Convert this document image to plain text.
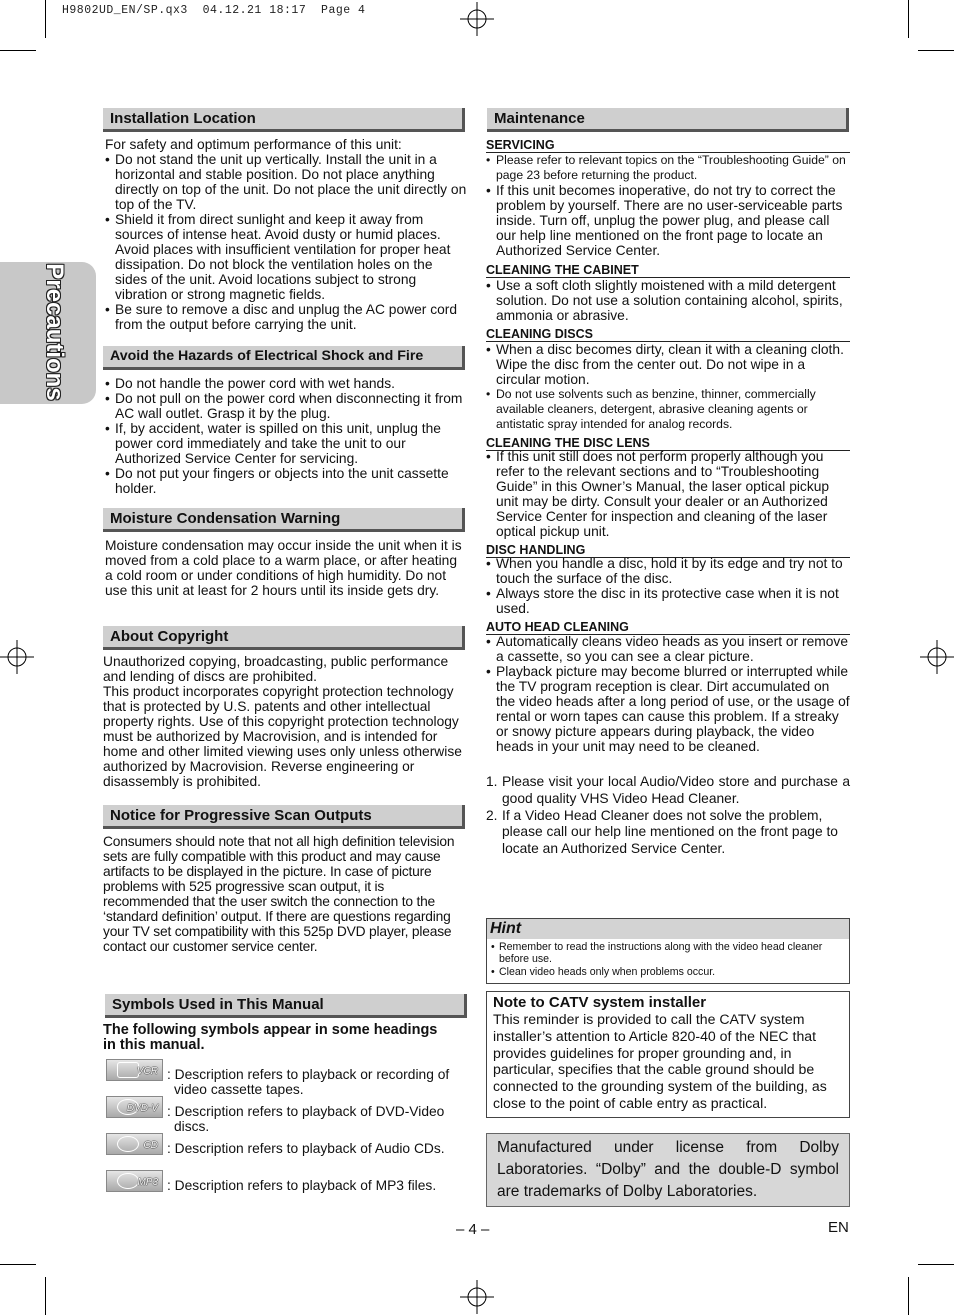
H9802UD_EN/SP.qx3  04.12.21 18:17  Page 4
Precautions
Installation Location

For safety and optimum performance of this unit:

• Do not stand the unit up vertically. Install the unit in a horizontal and stable position. Do not place anything directly on top of the unit. Do not place the unit directly on top of the TV.
• Shield it from direct sunlight and keep it away from sources of intense heat. Avoid dusty or humid places. Avoid places with insufficient ventilation for proper heat dissipation. Do not block the ventilation holes on the sides of the unit. Avoid locations subject to strong vibration or strong magnetic fields.
• Be sure to remove a disc and unplug the AC power cord from the output before carrying the unit.
Avoid the Hazards of Electrical Shock and Fire
• Do not handle the power cord with wet hands.
• Do not pull on the power cord when disconnecting it from AC wall outlet. Grasp it by the plug.
• If, by accident, water is spilled on this unit, unplug the power cord immediately and take the unit to our Authorized Service Center for servicing.
• Do not put your fingers or objects into the unit cassette holder.
Moisture Condensation Warning
Moisture condensation may occur inside the unit when it is moved from a cold place to a warm place, or after heating a cold room or under conditions of high humidity. Do not use this unit at least for 2 hours until its inside gets dry.
About Copyright

Unauthorized copying, broadcasting, public performance and lending of discs are prohibited.

This product incorporates copyright protection technology that is protected by U.S. patents and other intellectual property rights. Use of this copyright protection technology must be authorized by Macrovision, and is intended for home and other limited viewing uses only unless otherwise authorized by Macrovision. Reverse engineering or disassembly is prohibited.

Notice for Progressive Scan Outputs
Consumers should note that not all high definition television sets are fully compatible with this product and may cause artifacts to be displayed in the picture. In case of picture problems with 525 progressive scan output, it is recommended that the user switch the connection to the ‘standard definition’ output. If there are questions regarding your TV set compatibility with this 525p DVD player, please contact our customer service center.
Symbols Used in This Manual
The following symbols appear in some headings in this manual.
VCR : Description refers to playback or recording of video cassette tapes.
DVD-V : Description refers to playback of DVD-Video discs.
CD : Description refers to playback of Audio CDs.
MP3 : Description refers to playback of MP3 files.
Maintenance
SERVICING
• Please refer to relevant topics on the “Troubleshooting Guide” on page 23 before returning the product.
• If this unit becomes inoperative, do not try to correct the problem by yourself. There are no user-serviceable parts inside. Turn off, unplug the power plug, and please call our help line mentioned on the front page to locate an Authorized Service Center.
CLEANING THE CABINET
• Use a soft cloth slightly moistened with a mild detergent solution. Do not use a solution containing alcohol, spirits, ammonia or abrasive.
CLEANING DISCS
• When a disc becomes dirty, clean it with a cleaning cloth. Wipe the disc from the center out. Do not wipe in a circular motion.
• Do not use solvents such as benzine, thinner, commercially available cleaners, detergent, abrasive cleaning agents or antistatic spray intended for analog records.
CLEANING THE DISC LENS
• If this unit still does not perform properly although you refer to the relevant sections and to “Troubleshooting Guide” in this Owner’s Manual, the laser optical pickup unit may be dirty. Consult your dealer or an Authorized Service Center for inspection and cleaning of the laser optical pickup unit.
DISC HANDLING
• When you handle a disc, hold it by its edge and try not to touch the surface of the disc.
• Always store the disc in its protective case when it is not used.
AUTO HEAD CLEANING
• Automatically cleans video heads as you insert or remove a cassette, so you can see a clear picture.
• Playback picture may become blurred or interrupted while the TV program reception is clear. Dirt accumulated on the video heads after a long period of use, or the usage of rental or worn tapes can cause this problem. If a streaky or snowy picture appears during playback, the video heads in your unit may need to be cleaned.
1. Please visit your local Audio/Video store and purchase a good quality VHS Video Head Cleaner.
2. If a Video Head Cleaner does not solve the problem, please call our help line mentioned on the front page to locate an Authorized Service Center.
Hint
• Remember to read the instructions along with the video head cleaner before use.
• Clean video heads only when problems occur.
Note to CATV system installer
This reminder is provided to call the CATV system installer’s attention to Article 820-40 of the NEC that provides guidelines for proper grounding and, in particular, specifies that the cable ground should be connected to the grounding system of the building, as close to the point of cable entry as practical.
Manufactured under license from Dolby Laboratories. “Dolby” and the double-D symbol are trademarks of Dolby Laboratories.
– 4 –	EN
